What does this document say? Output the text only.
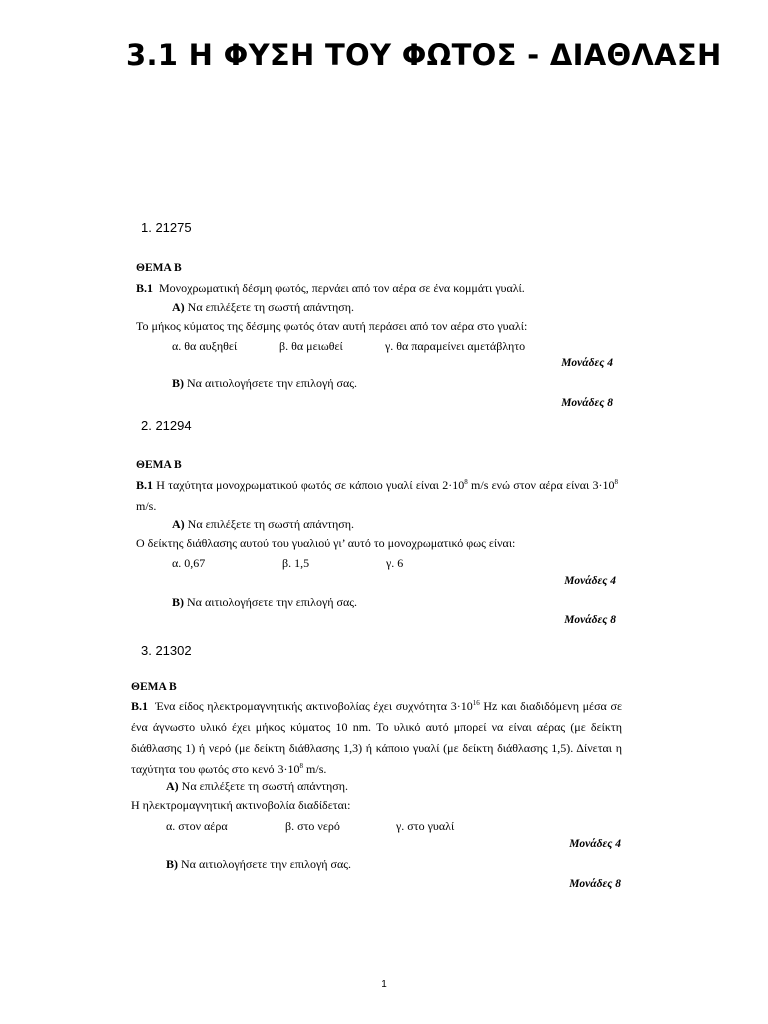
3.1 Η ΦΥΣΗ ΤΟΥ ΦΩΤΟΣ - ΔΙΑΘΛΑΣΗ

1. 21275

ΘΕΜΑ Β

Β.1 Μονοχρωματική δέσμη φωτός, περνάει από τον αέρα σε ένα κομμάτι γυαλί.

Α) Να επιλέξετε τη σωστή απάντηση.

Το μήκος κύματος της δέσμης φωτός όταν αυτή περάσει από τον αέρα στο γυαλί:

α. θα αυξηθεί	β. θα μειωθεί	γ. θα παραμείνει αμετάβλητο

Μονάδες 4

Β) Να αιτιολογήσετε την επιλογή σας.

Μονάδες 8

2. 21294

ΘΕΜΑ Β

Β.1 Η ταχύτητα μονοχρωματικού φωτός σε κάποιο γυαλί είναι $2\cdot 10^8$ m/s ενώ στον αέρα είναι $3\cdot 10^8$ m/s.

Α) Να επιλέξετε τη σωστή απάντηση.

Ο δείκτης διάθλασης αυτού του γυαλιού γι’ αυτό το μονοχρωματικό φως είναι:

α. 0,67	β. 1,5	γ. 6

Μονάδες 4

Β) Να αιτιολογήσετε την επιλογή σας.

Μονάδες 8

3. 21302

ΘΕΜΑ Β

Β.1 Ένα είδος ηλεκτρομαγνητικής ακτινοβολίας έχει συχνότητα $3\cdot 10^{16}$ Hz και διαδιδόμενη μέσα σε ένα άγνωστο υλικό έχει μήκος κύματος 10 nm. Το υλικό αυτό μπορεί να είναι αέρας (με δείκτη διάθλασης 1) ή νερό (με δείκτη διάθλασης 1,3) ή κάποιο γυαλί (με δείκτη διάθλασης 1,5). Δίνεται η ταχύτητα του φωτός στο κενό $3\cdot 10^8$ m/s.

Α) Να επιλέξετε τη σωστή απάντηση.

Η ηλεκτρομαγνητική ακτινοβολία διαδίδεται:

α. στον αέρα	β. στο νερό	γ. στο γυαλί

Μονάδες 4

Β) Να αιτιολογήσετε την επιλογή σας.

Μονάδες 8

1
